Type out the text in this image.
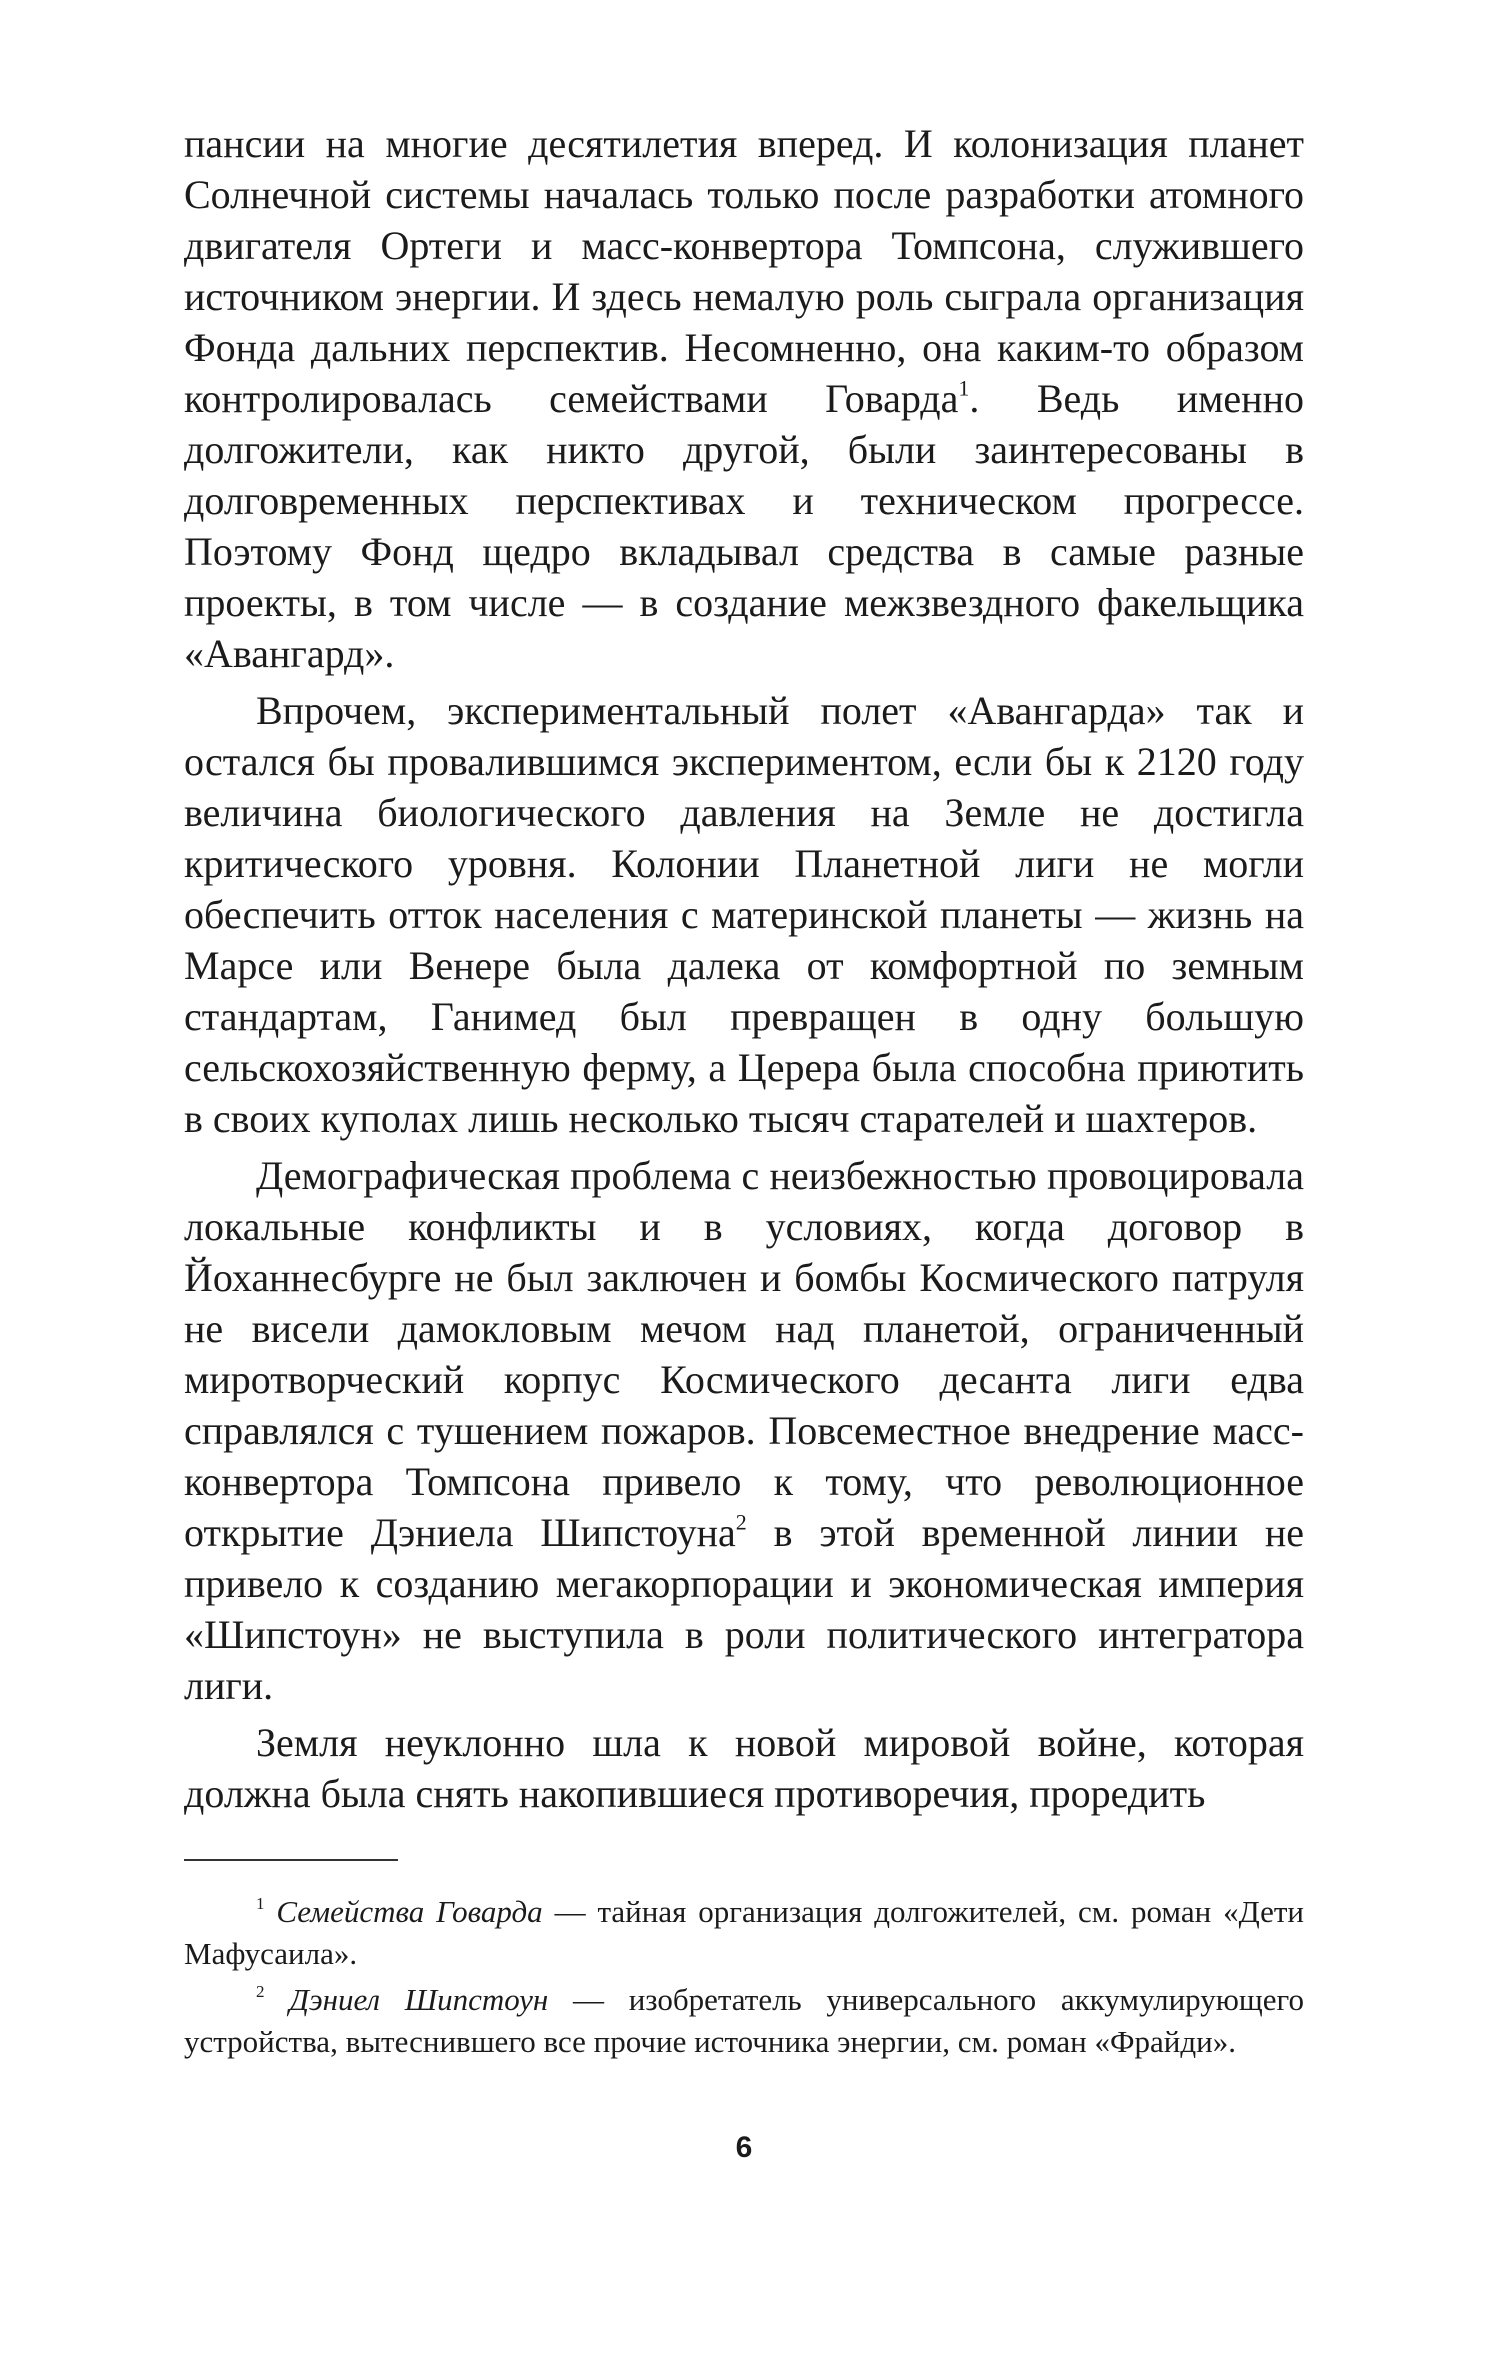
пансии на многие десятилетия вперед. И колонизация планет Солнечной системы началась только после разработки атомного двигателя Ортеги и масс-конвертора Томпсона, служившего источником энергии. И здесь немалую роль сыграла организация Фонда дальних перспектив. Несомненно, она каким-то образом контролировалась семействами Говарда$^1$. Ведь именно долгожители, как никто другой, были заинтересованы в долговременных перспективах и техническом прогрессе. Поэтому Фонд щедро вкладывал средства в самые разные проекты, в том числе — в создание межзвездного факельщика «Авангард».

Впрочем, экспериментальный полет «Авангарда» так и остался бы провалившимся экспериментом, если бы к 2120 году величина биологического давления на Земле не достигла критического уровня. Колонии Планетной лиги не могли обеспечить отток населения с материнской планеты — жизнь на Марсе или Венере была далека от комфортной по земным стандартам, Ганимед был превращен в одну большую сельскохозяйственную ферму, а Церера была способна приютить в своих куполах лишь несколько тысяч старателей и шахтеров.

Демографическая проблема с неизбежностью провоцировала локальные конфликты и в условиях, когда договор в Йоханнесбурге не был заключен и бомбы Космического патруля не висели дамокловым мечом над планетой, ограниченный миротворческий корпус Космического десанта лиги едва справлялся с тушением пожаров. Повсеместное внедрение масс-конвертора Томпсона привело к тому, что революционное открытие Дэниела Шипстоуна$^2$ в этой временной линии не привело к созданию мегакорпорации и экономическая империя «Шипстоун» не выступила в роли политического интегратора лиги.

Земля неуклонно шла к новой мировой войне, которая должна была снять накопившиеся противоречия, проредить

$^1$ Семейства Говарда — тайная организация долгожителей, см. роман «Дети Мафусаила».

$^2$ Дэниел Шипстоун — изобретатель универсального аккумулирующего устройства, вытеснившего все прочие источника энергии, см. роман «Фрайди».

6
